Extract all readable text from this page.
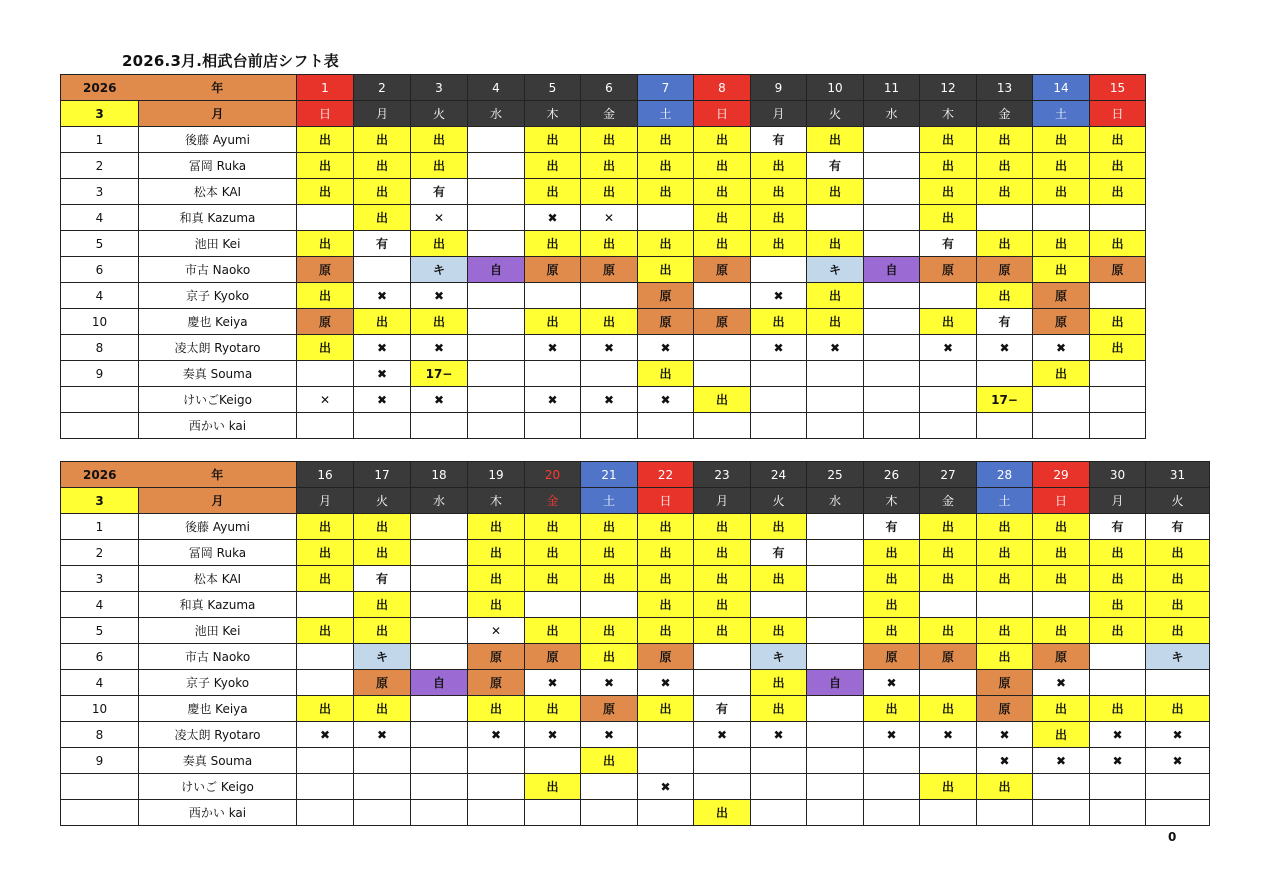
2026.3月.相武台前店シフト表
2026	年	1	2	3	4	5	6	7	8	9	10	11	12	13	14	15
3	月	日	月	火	水	木	金	土	日	月	火	水	木	金	土	日
1	後藤 Ayumi	出	出	出		出	出	出	出	有	出		出	出	出	出
2	冨岡 Ruka	出	出	出		出	出	出	出	出	有		出	出	出	出
3	松本 KAI	出	出	有		出	出	出	出	出	出		出	出	出	出
4	和真 Kazuma		出	✕		✖	✕		出	出			出			
5	池田 Kei	出	有	出		出	出	出	出	出	出		有	出	出	出
6	市古 Naoko	原		キ	自	原	原	出	原		キ	自	原	原	出	原
4	京子 Kyoko	出	✖	✖				原		✖	出			出	原	
10	慶也 Keiya	原	出	出		出	出	原	原	出	出		出	有	原	出
8	凌太朗 Ryotaro	出	✖	✖		✖	✖	✖		✖	✖		✖	✖	✖	出
9	奏真 Souma		✖	17−				出							出	
	けいごKeigo	✕	✖	✖		✖	✖	✖	出					17−		
	西かい kai															
2026	年	16	17	18	19	20	21	22	23	24	25	26	27	28	29	30	31
3	月	月	火	水	木	金	土	日	月	火	水	木	金	土	日	月	火
1	後藤 Ayumi	出	出		出	出	出	出	出	出		有	出	出	出	有	有
2	冨岡 Ruka	出	出		出	出	出	出	出	有		出	出	出	出	出	出
3	松本 KAI	出	有		出	出	出	出	出	出		出	出	出	出	出	出
4	和真 Kazuma		出		出			出	出			出				出	出
5	池田 Kei	出	出		✕	出	出	出	出	出		出	出	出	出	出	出
6	市古 Naoko		キ		原	原	出	原		キ		原	原	出	原		キ
4	京子 Kyoko		原	自	原	✖	✖	✖		出	自	✖		原	✖		
10	慶也 Keiya	出	出		出	出	原	出	有	出		出	出	原	出	出	出
8	凌太朗 Ryotaro	✖	✖		✖	✖	✖		✖	✖		✖	✖	✖	出	✖	✖
9	奏真 Souma						出							✖	✖	✖	✖
	けいご Keigo					出		✖					出	出			
	西かい kai								出								
0
